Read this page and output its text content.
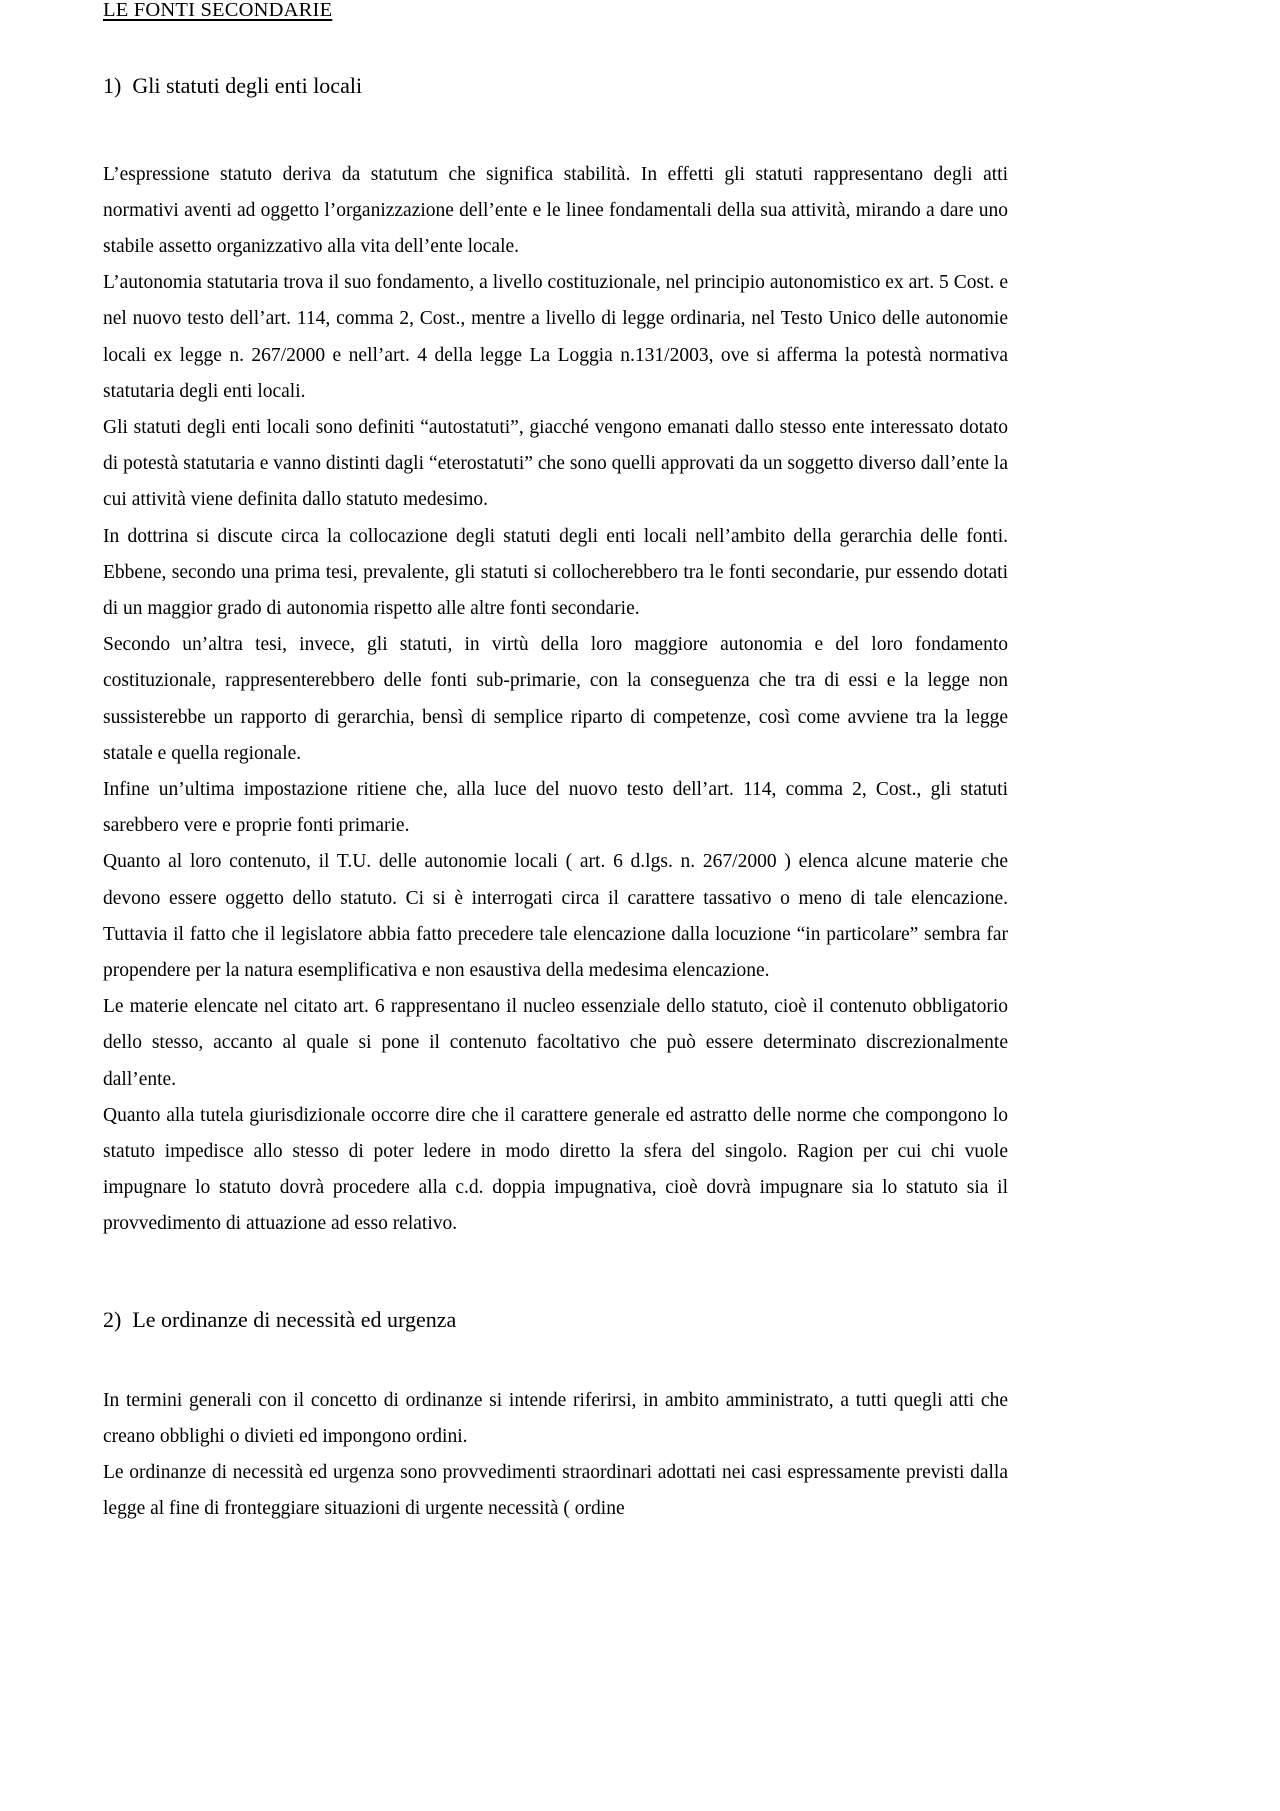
LE FONTI SECONDARIE
1)  Gli statuti degli enti locali

L’espressione statuto deriva da statutum che significa stabilità. In effetti gli statuti rappresentano degli atti normativi aventi ad oggetto l’organizzazione dell’ente e le linee fondamentali della sua attività, mirando a dare uno stabile assetto organizzativo alla vita dell’ente locale.

L’autonomia statutaria trova il suo fondamento, a livello costituzionale, nel principio autonomistico ex art. 5 Cost. e nel nuovo testo dell’art. 114, comma 2, Cost., mentre a livello di legge ordinaria, nel Testo Unico delle autonomie locali ex legge n. 267/2000 e nell’art. 4 della legge La Loggia n.131/2003, ove si afferma la potestà normativa statutaria degli enti locali.

Gli statuti degli enti locali sono definiti “autostatuti”, giacché vengono emanati dallo stesso ente interessato dotato di potestà statutaria e vanno distinti dagli “eterostatuti” che sono quelli approvati da un soggetto diverso dall’ente la cui attività viene definita dallo statuto medesimo.

In dottrina si discute circa la collocazione degli statuti degli enti locali nell’ambito della gerarchia delle fonti. Ebbene, secondo una prima tesi, prevalente, gli statuti si collocherebbero tra le fonti secondarie, pur essendo dotati di un maggior grado di autonomia rispetto alle altre fonti secondarie.

Secondo un’altra tesi, invece, gli statuti, in virtù della loro maggiore autonomia e del loro fondamento costituzionale, rappresenterebbero delle fonti sub-primarie, con la conseguenza che tra di essi e la legge non sussisterebbe un rapporto di gerarchia, bensì di semplice riparto di competenze, così come avviene tra la legge statale e quella regionale.

Infine un’ultima impostazione ritiene che, alla luce del nuovo testo dell’art. 114, comma 2, Cost., gli statuti sarebbero vere e proprie fonti primarie.

Quanto al loro contenuto, il T.U. delle autonomie locali ( art. 6 d.lgs. n. 267/2000 ) elenca alcune materie che devono essere oggetto dello statuto. Ci si è interrogati circa il carattere tassativo o meno di tale elencazione. Tuttavia il fatto che il legislatore abbia fatto precedere tale elencazione dalla locuzione “in particolare” sembra far propendere per la natura esemplificativa e non esaustiva della medesima elencazione.

Le materie elencate nel citato art. 6 rappresentano il nucleo essenziale dello statuto, cioè il contenuto obbligatorio dello stesso, accanto al quale si pone il contenuto facoltativo che può essere determinato discrezionalmente dall’ente.

Quanto alla tutela giurisdizionale occorre dire che il carattere generale ed astratto delle norme che compongono lo statuto impedisce allo stesso di poter ledere in modo diretto la sfera del singolo. Ragion per cui chi vuole impugnare lo statuto dovrà procedere alla c.d. doppia impugnativa, cioè dovrà impugnare sia lo statuto sia il provvedimento di attuazione ad esso relativo.

2)  Le ordinanze di necessità ed urgenza

In termini generali con il concetto di ordinanze si intende riferirsi, in ambito amministrato, a tutti quegli atti che creano obblighi o divieti ed impongono ordini.

Le ordinanze di necessità ed urgenza sono provvedimenti straordinari adottati nei casi espressamente previsti dalla legge al fine di fronteggiare situazioni di urgente necessità ( ordine
